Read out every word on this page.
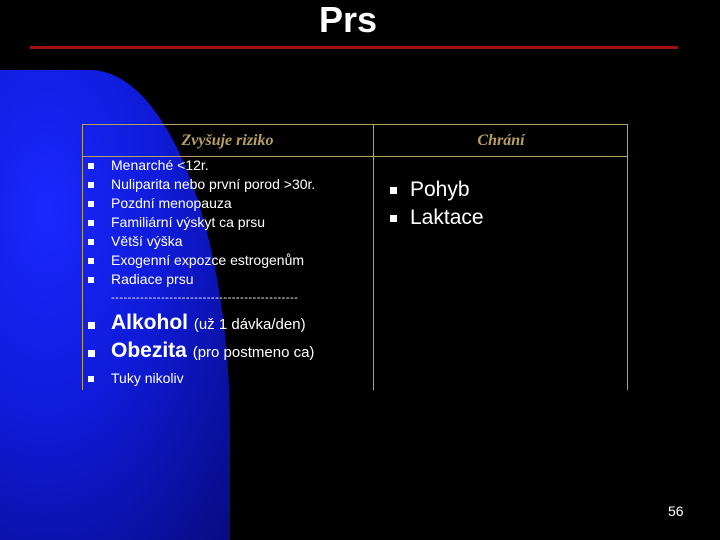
Prs
Zvyšuje riziko	Chrání
Menarché <12r.
Nuliparita nebo první porod >30r.
Pozdní menopauza
Familiární výskyt ca prsu
Větší výška
Exogenní expozce estrogenům
Radiace prsu
---------------------------------------------
Alkohol (už 1 dávka/den)
Obezita (pro postmeno ca)
Tuky nikoliv
Pohyb
Laktace
56
